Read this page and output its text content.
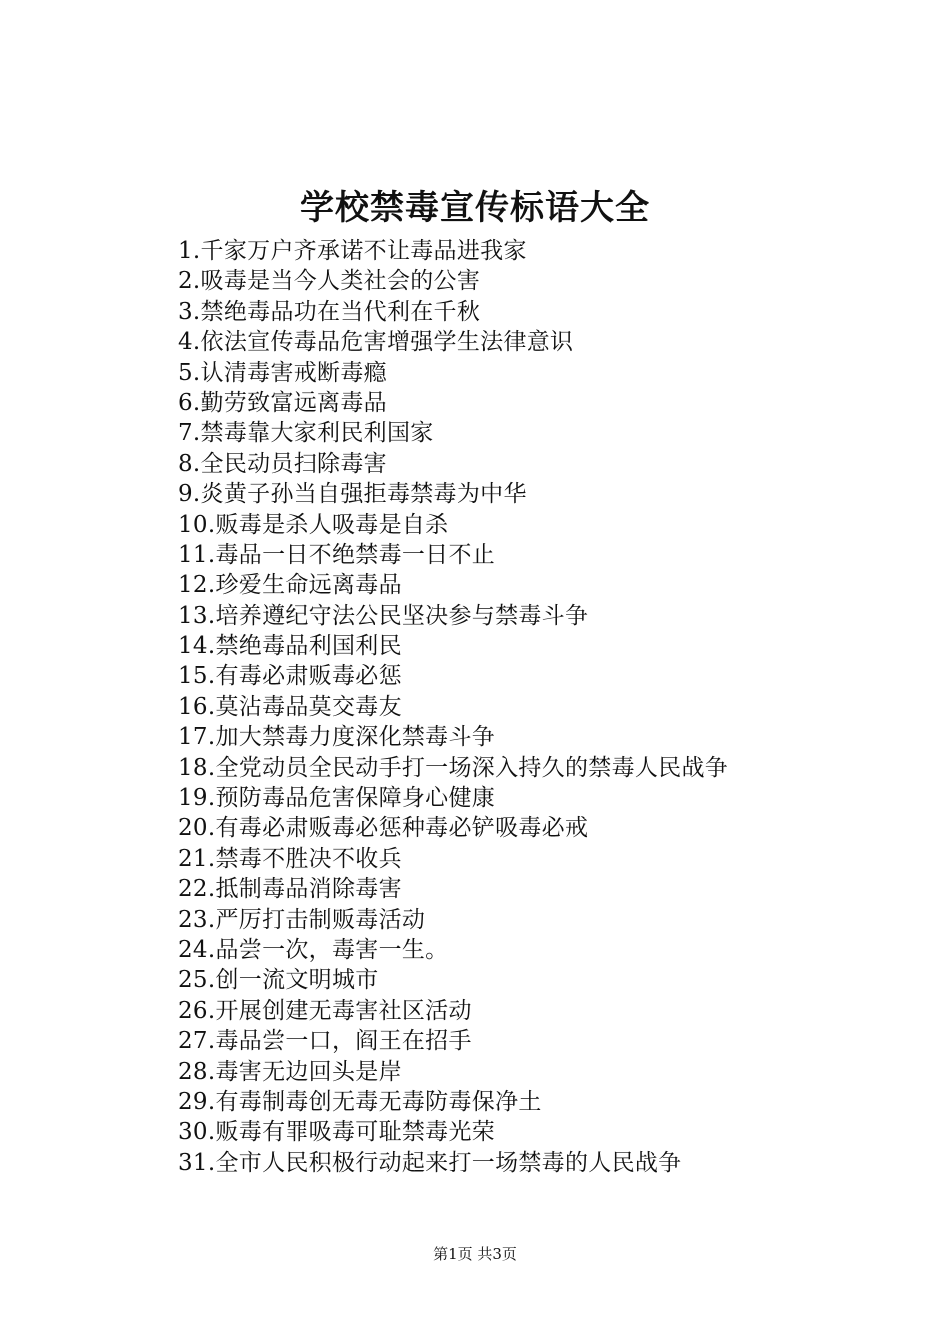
学校禁毒宣传标语大全
1.千家万户齐承诺不让毒品进我家
2.吸毒是当今人类社会的公害
3.禁绝毒品功在当代利在千秋
4.依法宣传毒品危害增强学生法律意识
5.认清毒害戒断毒瘾
6.勤劳致富远离毒品
7.禁毒靠大家利民利国家
8.全民动员扫除毒害
9.炎黄子孙当自强拒毒禁毒为中华
10.贩毒是杀人吸毒是自杀
11.毒品一日不绝禁毒一日不止
12.珍爱生命远离毒品
13.培养遵纪守法公民坚决参与禁毒斗争
14.禁绝毒品利国利民
15.有毒必肃贩毒必惩
16.莫沾毒品莫交毒友
17.加大禁毒力度深化禁毒斗争
18.全党动员全民动手打一场深入持久的禁毒人民战争
19.预防毒品危害保障身心健康
20.有毒必肃贩毒必惩种毒必铲吸毒必戒
21.禁毒不胜决不收兵
22.抵制毒品消除毒害
23.严厉打击制贩毒活动
24.品尝一次，毒害一生。
25.创一流文明城市
26.开展创建无毒害社区活动
27.毒品尝一口，阎王在招手
28.毒害无边回头是岸
29.有毒制毒创无毒无毒防毒保净土
30.贩毒有罪吸毒可耻禁毒光荣
31.全市人民积极行动起来打一场禁毒的人民战争
第1页 共3页
